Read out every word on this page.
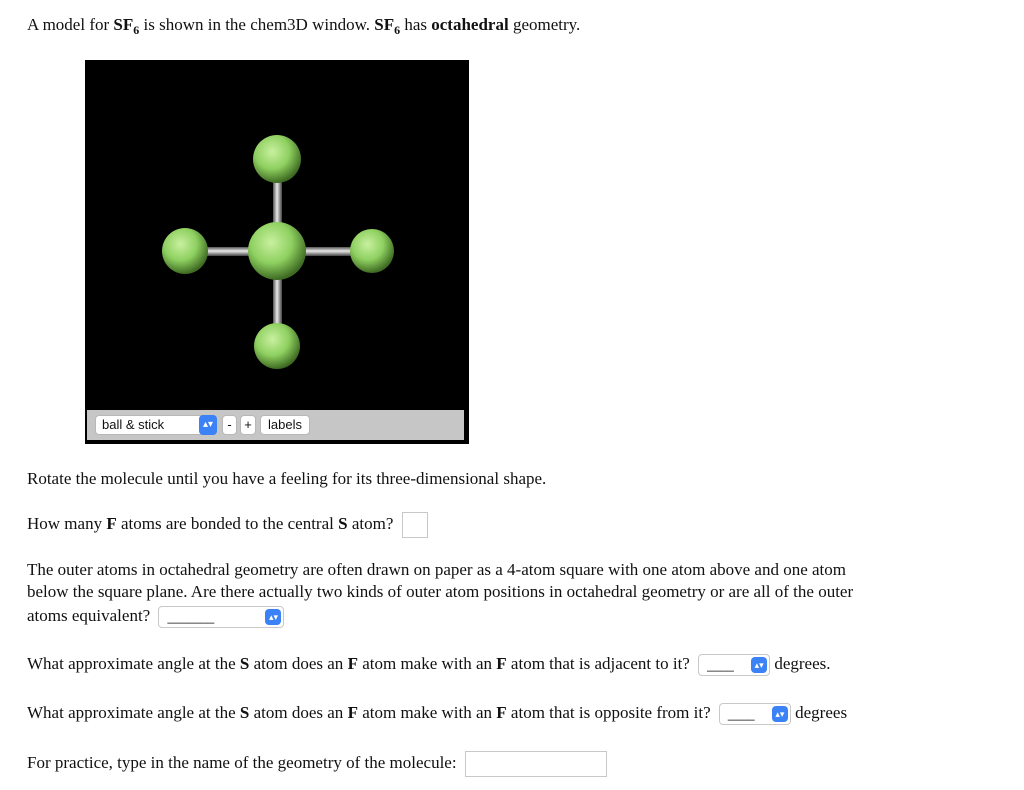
A model for $SF_6$ is shown in the chem3D window. $SF_6$ has octahedral geometry.
ball & stick	▴▾	- +	labels
Rotate the molecule until you have a feeling for its three-dimensional shape.
How many F atoms are bonded to the central S atom?
The outer atoms in octahedral geometry are often drawn on paper as a 4-atom square with one atom above and one atom
below the square plane. Are there actually two kinds of outer atom positions in octahedral geometry or are all of the outer
atoms equivalent? _______	▴▾
What approximate angle at the S atom does an F atom make with an F atom that is adjacent to it? ____	▴▾ degrees.
What approximate angle at the S atom does an F atom make with an F atom that is opposite from it? ____	▴▾ degrees
For practice, type in the name of the geometry of the molecule:
